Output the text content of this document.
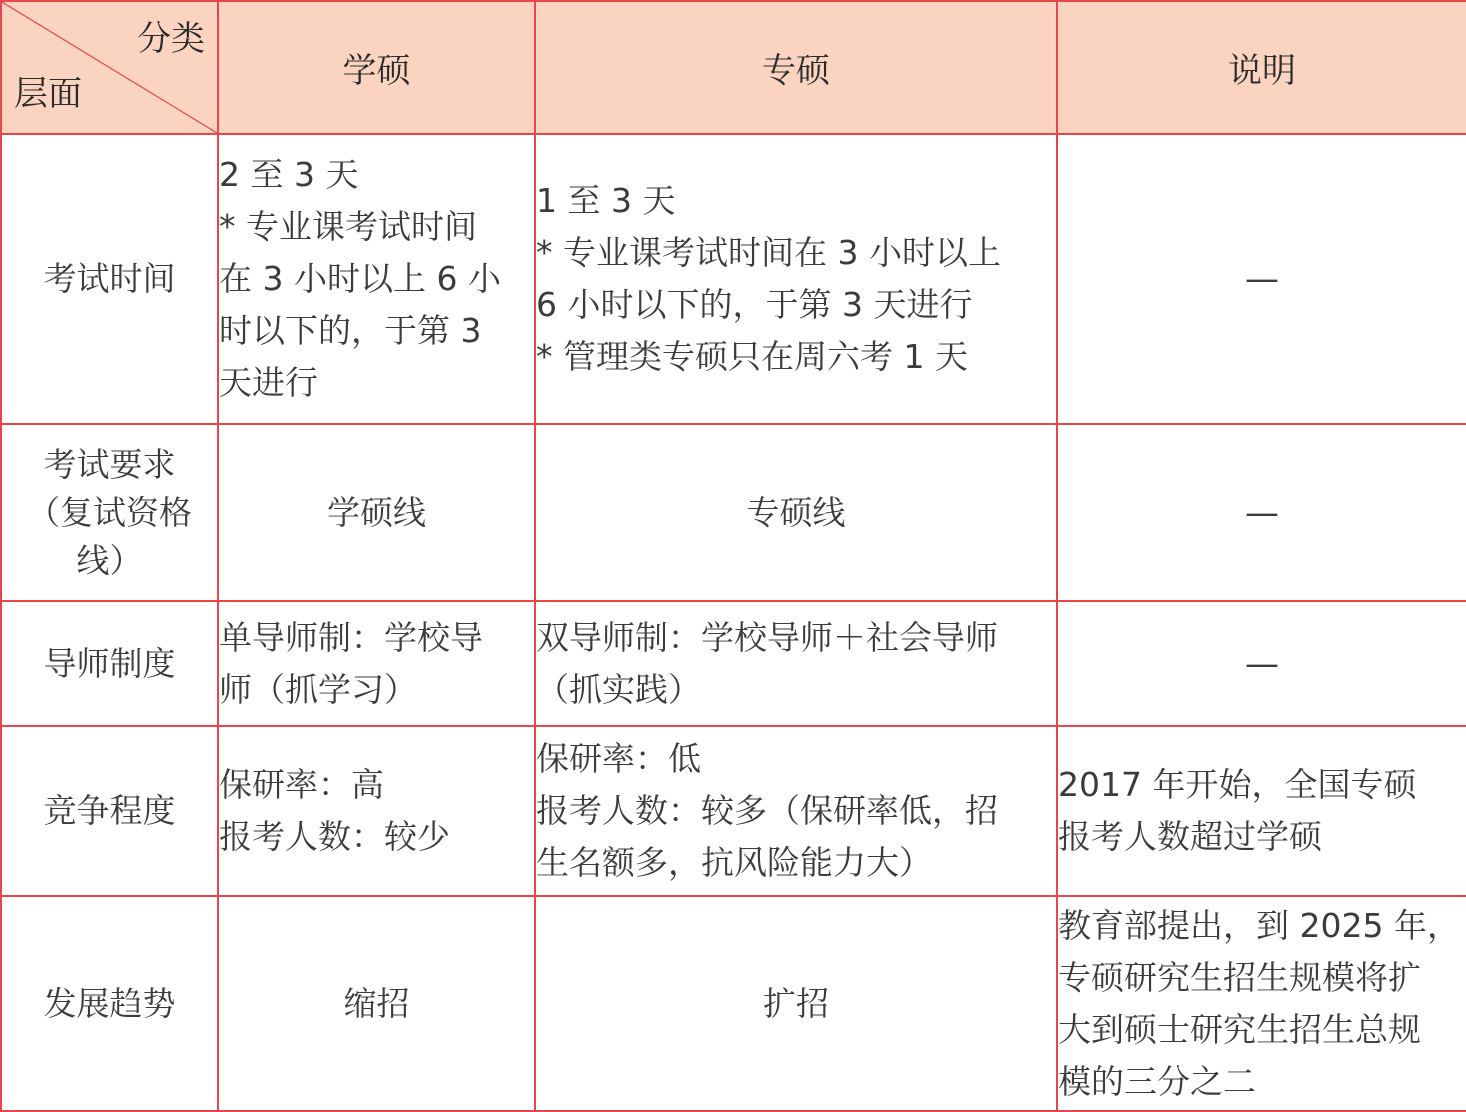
分类
层面	学硕	专硕	说明

考试时间	2 至 3 天
* 专业课考试时间
在 3 小时以上 6 小
时以下的，于第 3
天进行	1 至 3 天
* 专业课考试时间在 3 小时以上
6 小时以下的，于第 3 天进行
* 管理类专硕只在周六考 1 天	—

考试要求
（复试资格
线）	学硕线	专硕线	—

导师制度	单导师制：学校导
师（抓学习）	双导师制：学校导师＋社会导师
（抓实践）	—

竞争程度	保研率：高
报考人数：较少	保研率：低
报考人数：较多（保研率低，招
生名额多，抗风险能力大）	2017 年开始，全国专硕
报考人数超过学硕

发展趋势	缩招	扩招	教育部提出，到 2025 年，
专硕研究生招生规模将扩
大到硕士研究生招生总规
模的三分之二
